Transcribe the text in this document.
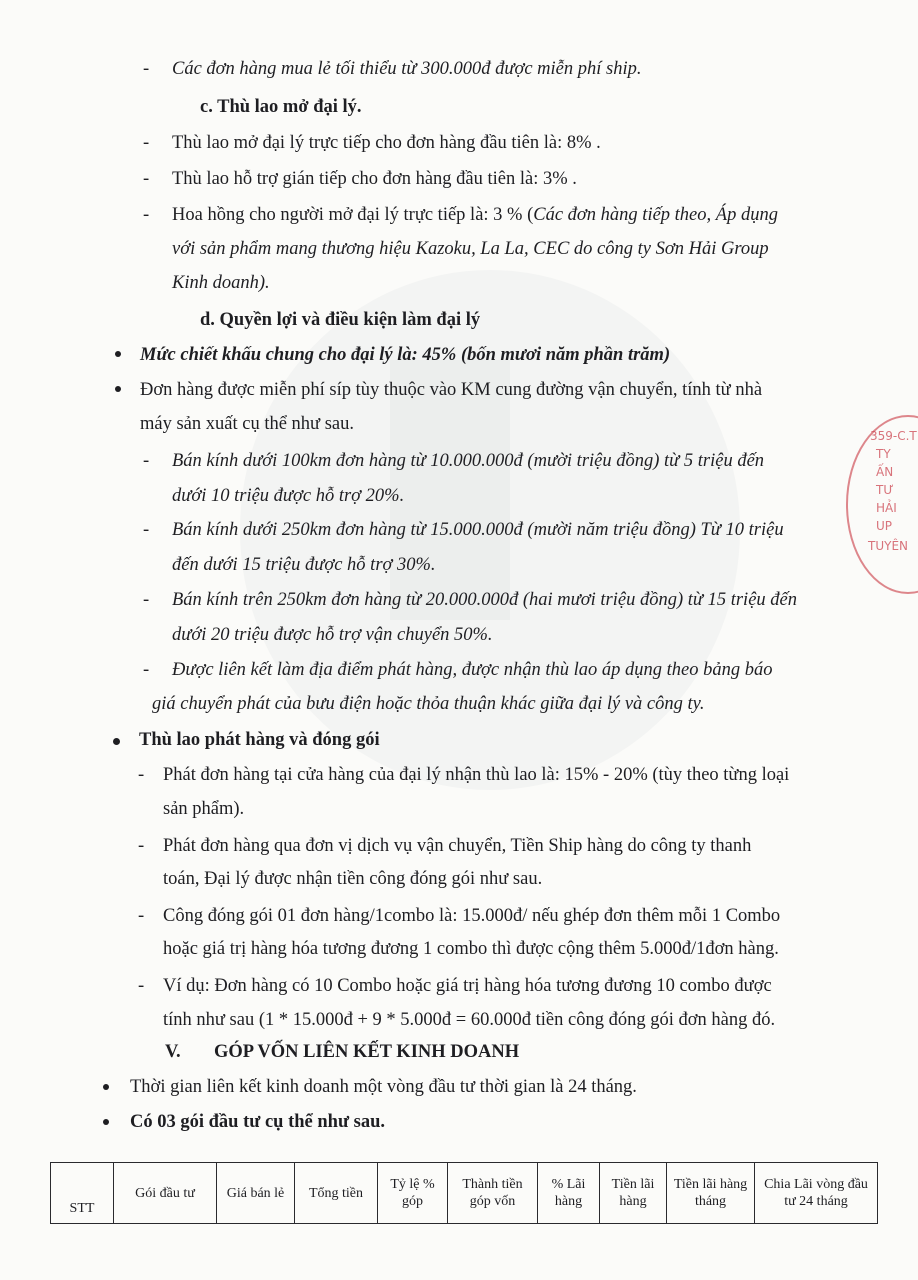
- Các đơn hàng mua lẻ tối thiểu từ 300.000đ được miễn phí ship.
c. Thù lao mở đại lý.
- Thù lao mở đại lý trực tiếp cho đơn hàng đầu tiên là: 8% .
- Thù lao hỗ trợ gián tiếp cho đơn hàng đầu tiên là: 3% .
- Hoa hồng cho người mở đại lý trực tiếp là: 3 % (Các đơn hàng tiếp theo, Áp dụng
với sản phẩm mang thương hiệu Kazoku, La La, CEC do công ty Sơn Hải Group
Kinh doanh).
d. Quyền lợi và điều kiện làm đại lý
Mức chiết khấu chung cho đại lý là: 45% (bốn mươi năm phần trăm)
Đơn hàng được miễn phí síp tùy thuộc vào KM cung đường vận chuyển, tính từ nhà
máy sản xuất cụ thể như sau.
- Bán kính dưới 100km đơn hàng từ 10.000.000đ (mười triệu đồng) từ 5 triệu đến
dưới 10 triệu được hỗ trợ 20%.
- Bán kính dưới 250km đơn hàng từ 15.000.000đ (mười năm triệu đồng) Từ 10 triệu
đến dưới 15 triệu được hỗ trợ 30%.
- Bán kính trên 250km đơn hàng từ 20.000.000đ (hai mươi triệu đồng) từ 15 triệu đến
dưới 20 triệu được hỗ trợ vận chuyển 50%.
- Được liên kết làm địa điểm phát hàng, được nhận thù lao áp dụng theo bảng báo
giá chuyển phát của bưu điện hoặc thỏa thuận khác giữa đại lý và công ty.
Thù lao phát hàng và đóng gói
- Phát đơn hàng tại cửa hàng của đại lý nhận thù lao là: 15% - 20% (tùy theo từng loại
sản phẩm).
- Phát đơn hàng qua đơn vị dịch vụ vận chuyển, Tiền Ship hàng do công ty thanh
toán, Đại lý được nhận tiền công đóng gói như sau.
- Công đóng gói 01 đơn hàng/1combo là: 15.000đ/ nếu ghép đơn thêm mỗi 1 Combo
hoặc giá trị hàng hóa tương đương 1 combo thì được cộng thêm 5.000đ/1đơn hàng.
- Ví dụ: Đơn hàng có 10 Combo hoặc giá trị hàng hóa tương đương 10 combo được
tính như sau (1 * 15.000đ + 9 * 5.000đ = 60.000đ tiền công đóng gói đơn hàng đó.
V. GÓP VỐN LIÊN KẾT KINH DOANH
Thời gian liên kết kinh doanh một vòng đầu tư thời gian là 24 tháng.
Có 03 gói đầu tư cụ thể như sau.
359-C.T
TY
ẤN
TƯ
HẢI
UP
TUYÊN
STT	Gói đầu tư	Giá bán lẻ	Tổng tiền	Tỷ lệ % góp	Thành tiền góp vốn	% Lãi hàng	Tiền lãi hàng	Tiền lãi hàng tháng	Chia Lãi vòng đầu tư 24 tháng
